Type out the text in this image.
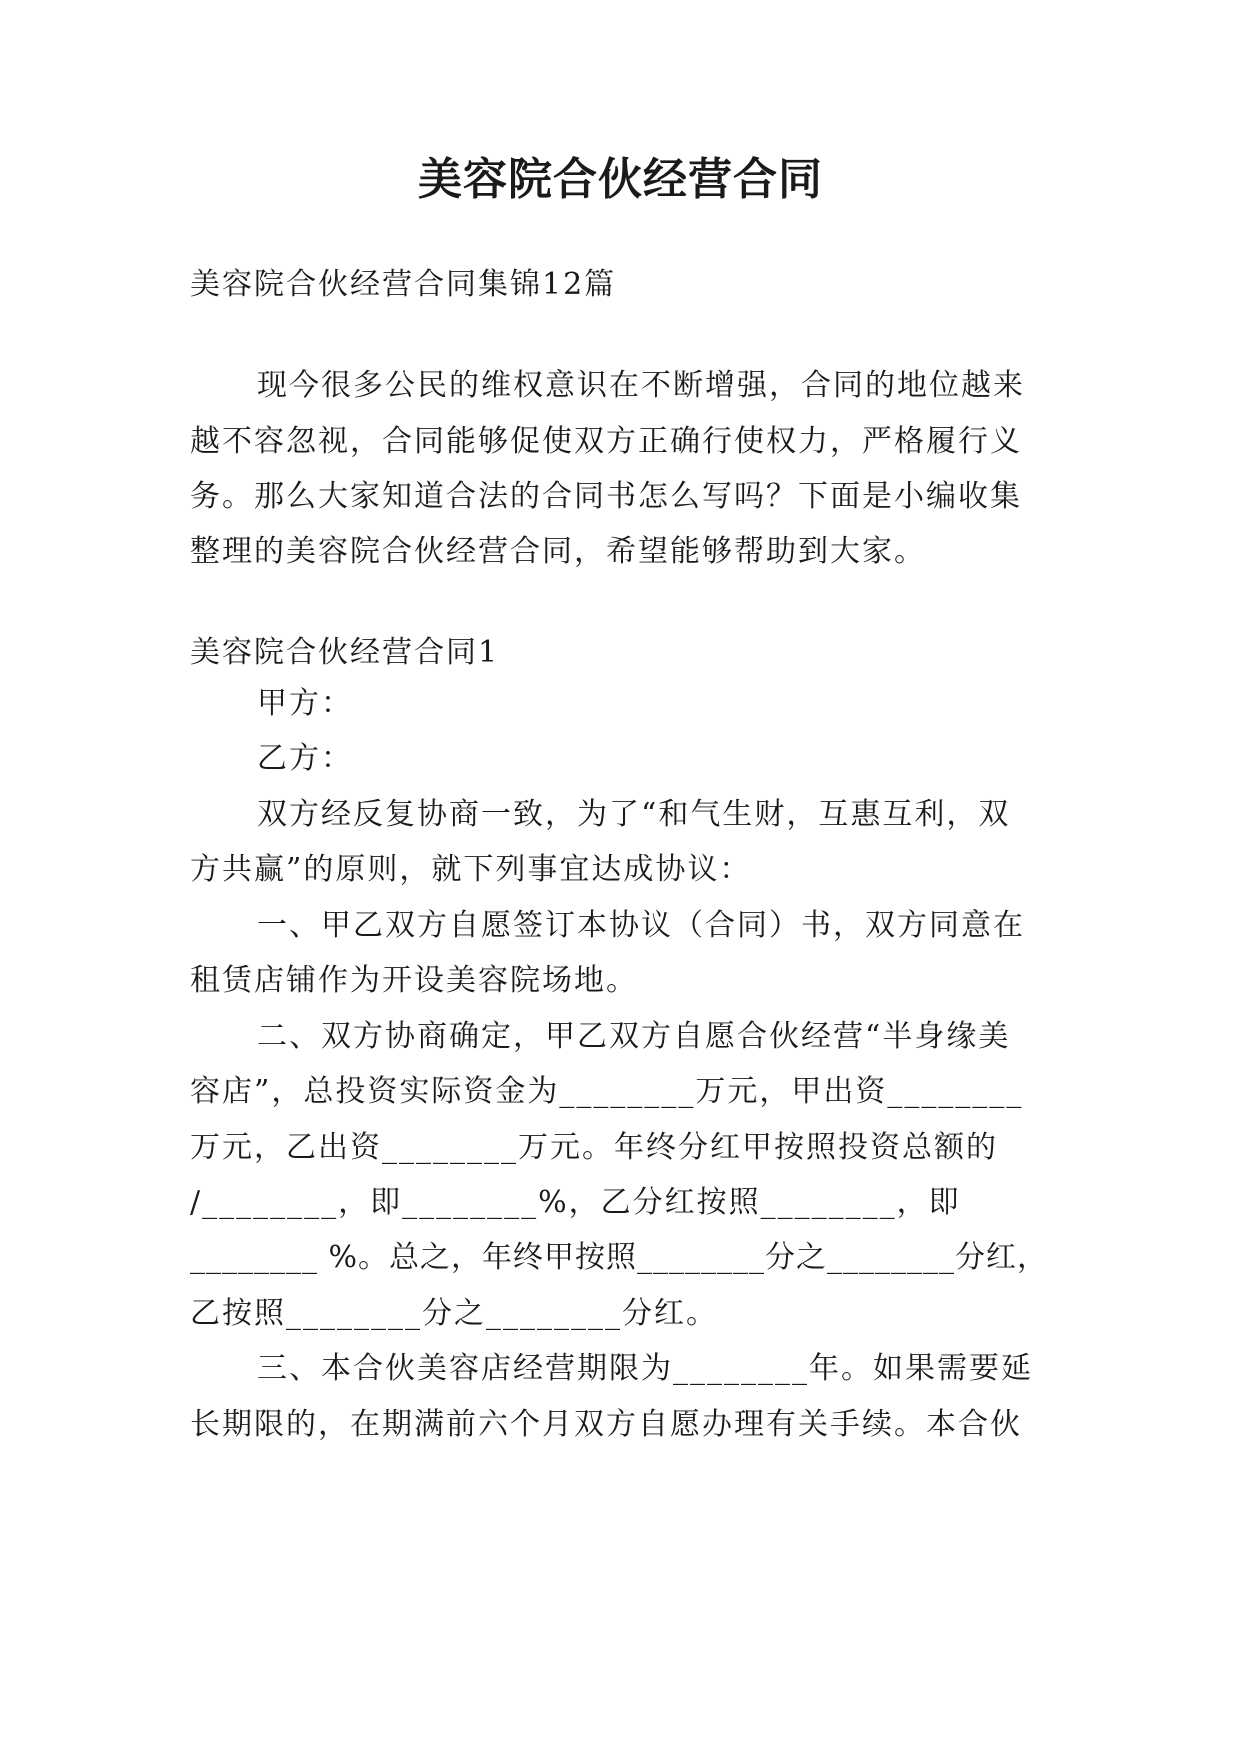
美容院合伙经营合同
美容院合伙经营合同集锦12篇
现今很多公民的维权意识在不断增强，合同的地位越来
越不容忽视，合同能够促使双方正确行使权力，严格履行义
务。那么大家知道合法的合同书怎么写吗？下面是小编收集
整理的美容院合伙经营合同，希望能够帮助到大家。
美容院合伙经营合同1
甲方：
乙方：
双方经反复协商一致，为了“和气生财，互惠互利，双
方共赢”的原则，就下列事宜达成协议：
一、甲乙双方自愿签订本协议（合同）书，双方同意在
租赁店铺作为开设美容院场地。
二、双方协商确定，甲乙双方自愿合伙经营“半身缘美
容店”，总投资实际资金为________万元，甲出资________
万元，乙出资________万元。年终分红甲按照投资总额的
/________，即________%，乙分红按照________，即
________ %。总之，年终甲按照________分之________分红，
乙按照________分之________分红。
三、本合伙美容店经营期限为________年。如果需要延
长期限的，在期满前六个月双方自愿办理有关手续。本合伙
